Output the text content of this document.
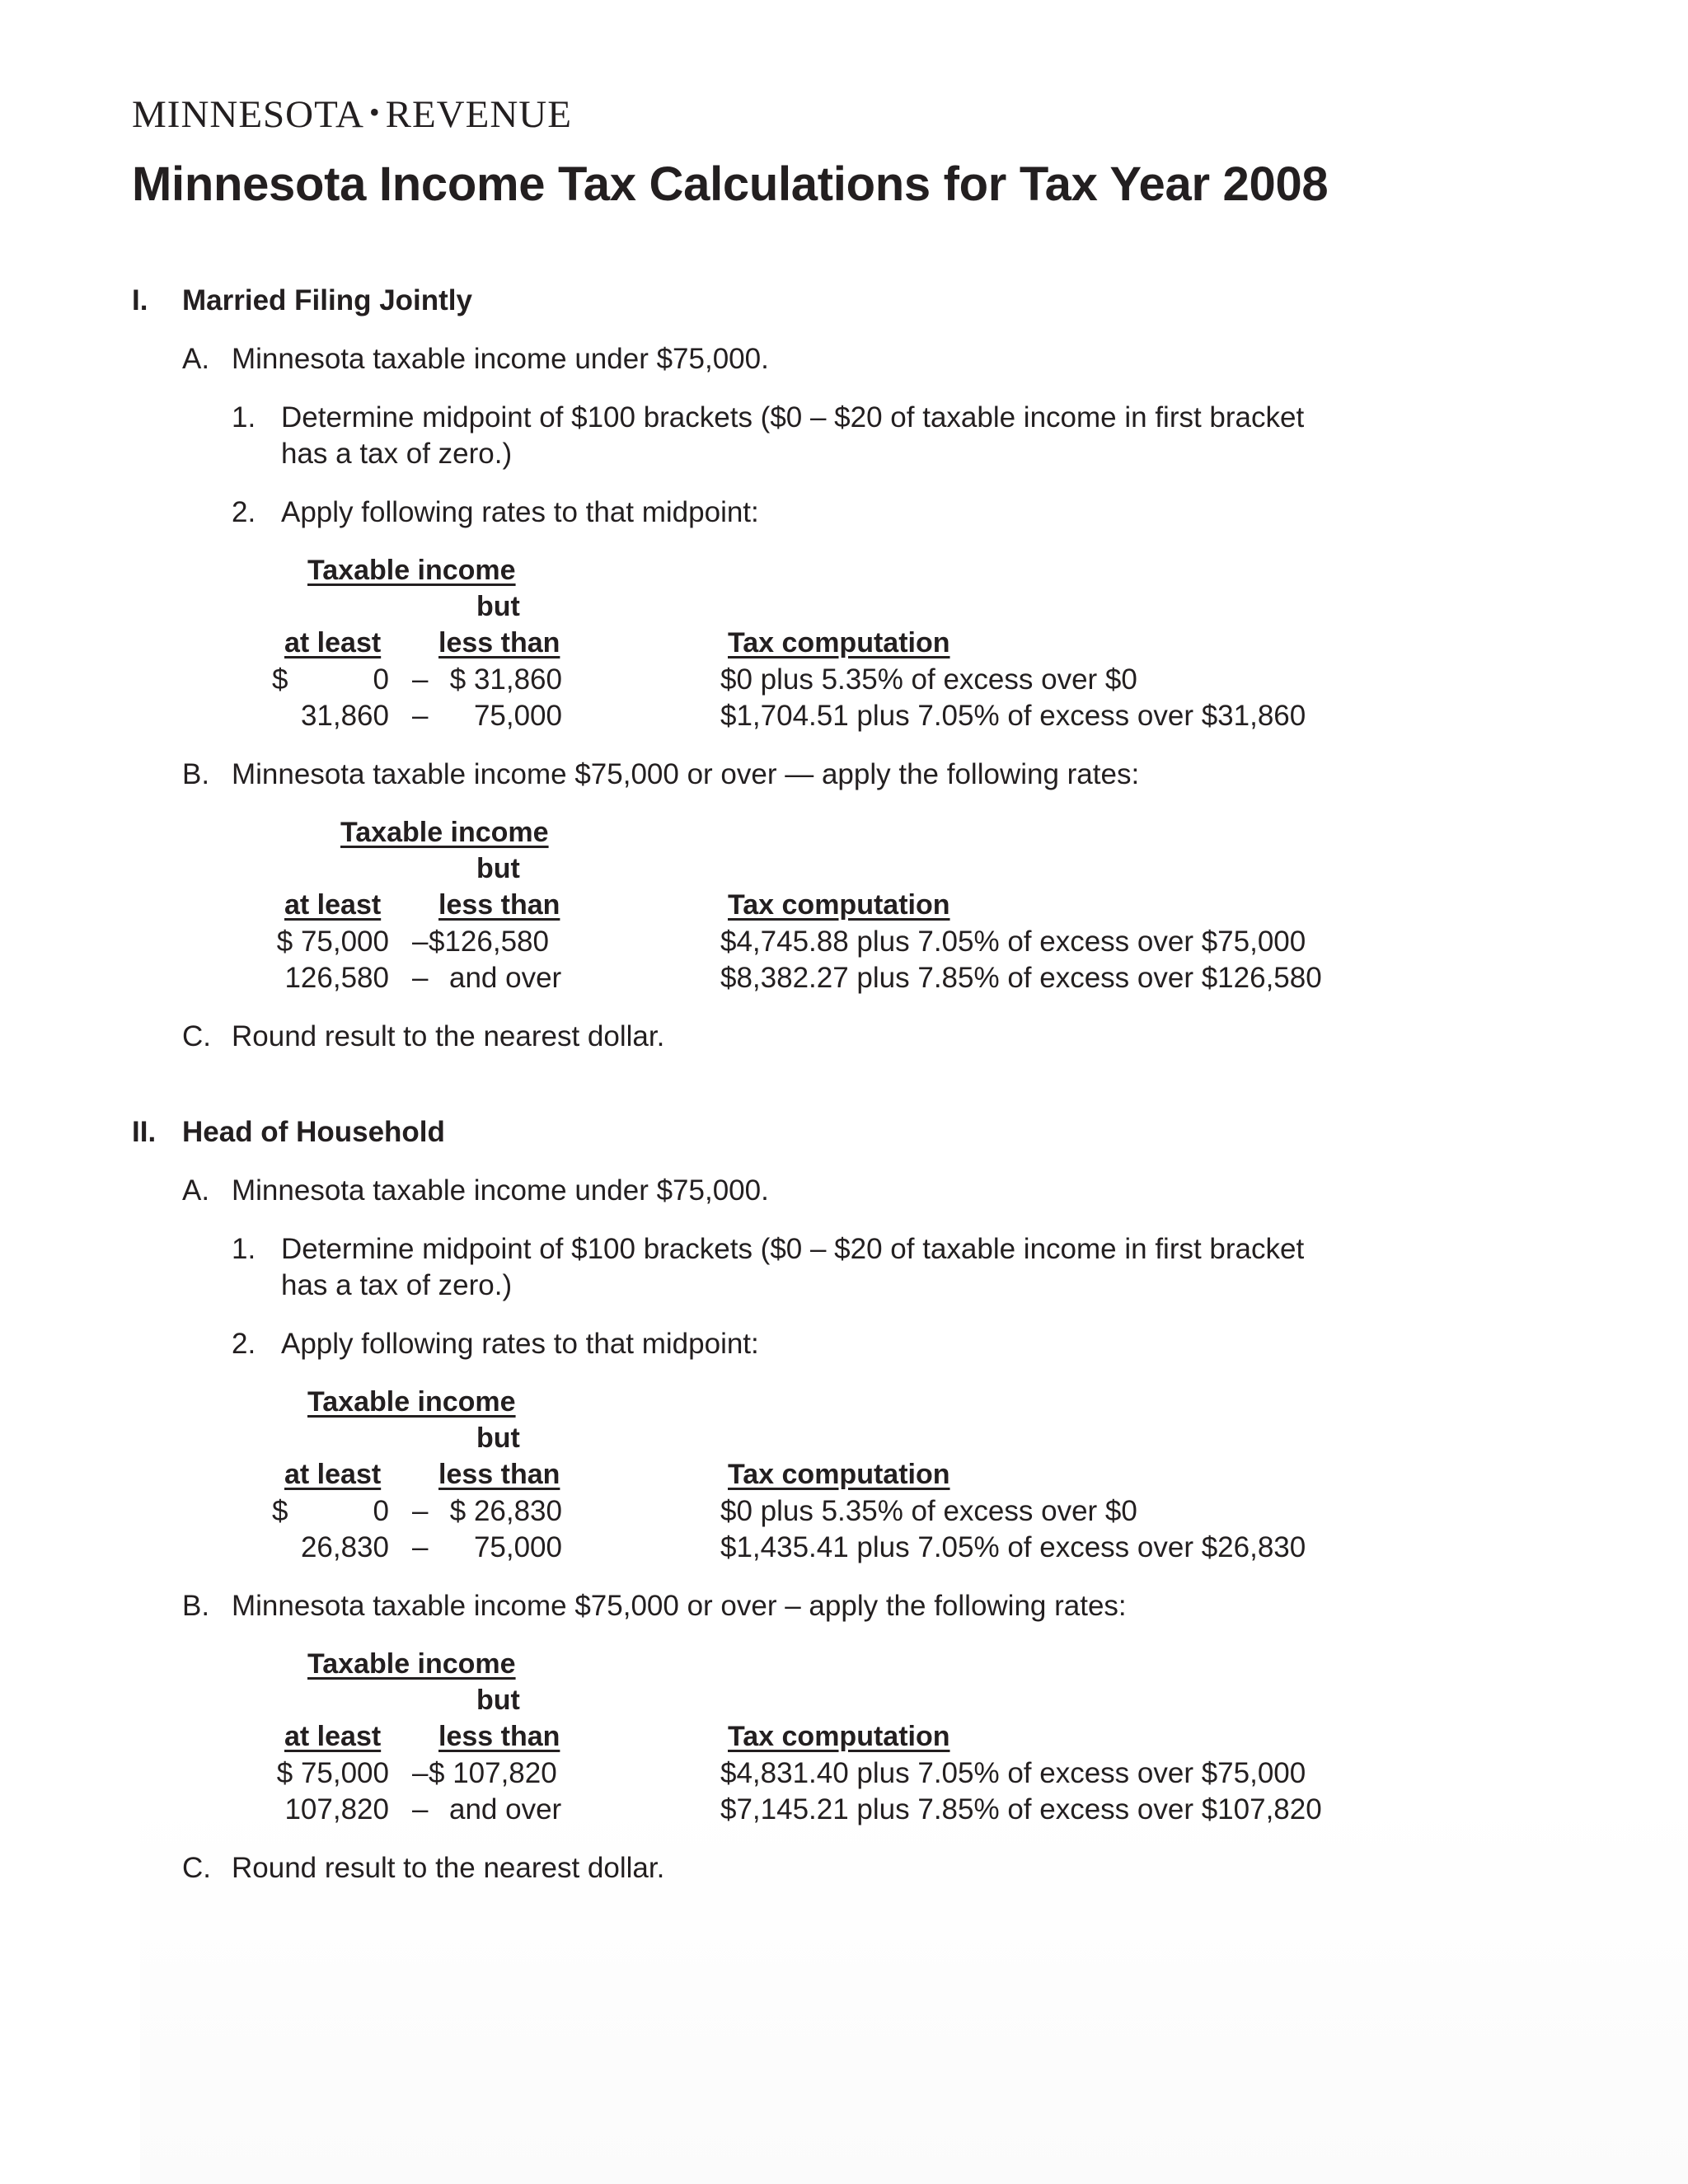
MINNESOTA • REVENUE
Minnesota Income Tax Calculations for Tax Year 2008
I. Married Filing Jointly
A. Minnesota taxable income under $75,000.
1. Determine midpoint of $100 brackets ($0 – $20 of taxable income in first bracket
has a tax of zero.)
2. Apply following rates to that midpoint:
Taxable income
but
at least less than	Tax computation
$	0 – $ 31,860	$0 plus 5.35% of excess over $0
31,860 –	75,000	$1,704.51 plus 7.05% of excess over $31,860
B. Minnesota taxable income $75,000 or over — apply the following rates:
Taxable income
but
at least less than	Tax computation
$ 75,000 – $126,580	$4,745.88 plus 7.05% of excess over $75,000
126,580 – and over	$8,382.27 plus 7.85% of excess over $126,580
C. Round result to the nearest dollar.
II. Head of Household
A. Minnesota taxable income under $75,000.
1. Determine midpoint of $100 brackets ($0 – $20 of taxable income in first bracket
has a tax of zero.)
2. Apply following rates to that midpoint:
Taxable income
but
at least less than	Tax computation
$	0 – $ 26,830	$0 plus 5.35% of excess over $0
26,830 –	75,000	$1,435.41 plus 7.05% of excess over $26,830
B. Minnesota taxable income $75,000 or over – apply the following rates:
Taxable income
but
at least less than	Tax computation
$ 75,000 – $ 107,820	$4,831.40 plus 7.05% of excess over $75,000
107,820 – and over	$7,145.21 plus 7.85% of excess over $107,820
C. Round result to the nearest dollar.
